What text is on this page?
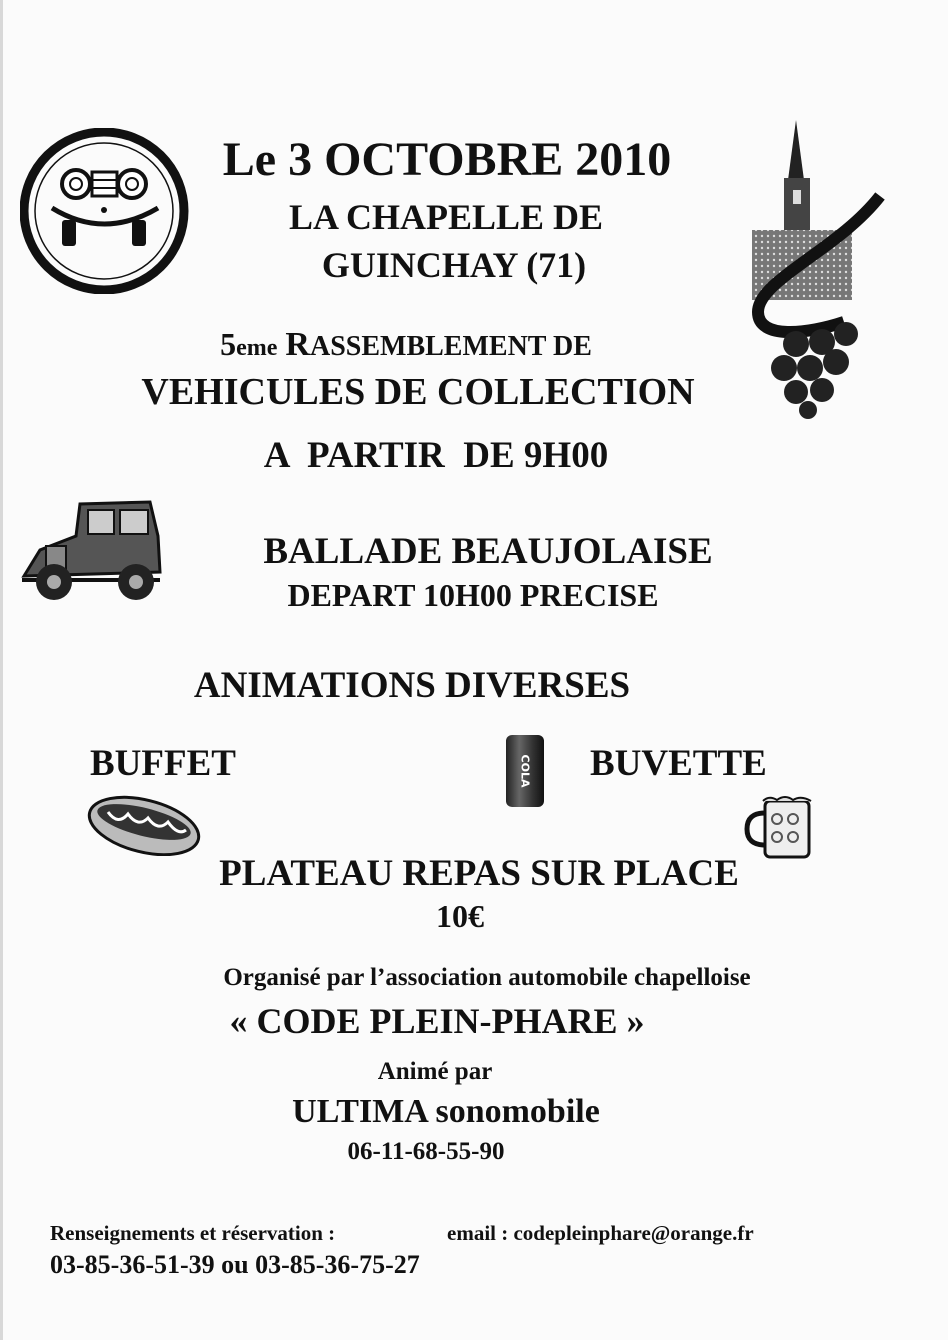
Le 3 OCTOBRE 2010
LA CHAPELLE DE
GUINCHAY (71)
5eme RASSEMBLEMENT DE
VEHICULES DE COLLECTION
A  PARTIR  DE 9H00
BALLADE BEAUJOLAISE
DEPART 10H00 PRECISE
ANIMATIONS DIVERSES
BUFFET	COLA BUVETTE
PLATEAU REPAS SUR PLACE
10€
Organisé par l’association automobile chapelloise
« CODE PLEIN-PHARE »
Animé par
ULTIMA sonomobile
06-11-68-55-90
Renseignements et réservation :	email : codepleinphare@orange.fr
03-85-36-51-39 ou 03-85-36-75-27
